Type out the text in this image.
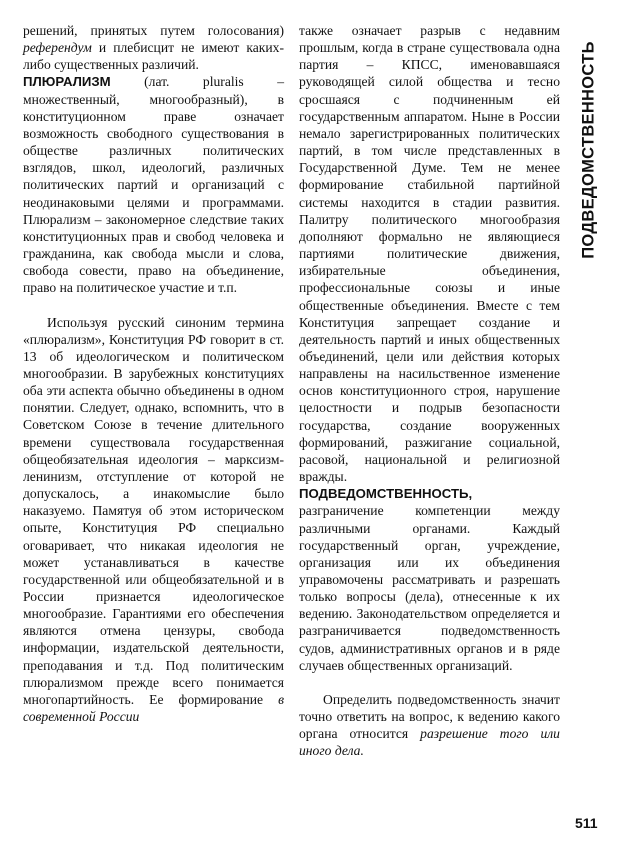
решений, принятых путем голосования) референдум и плебисцит не имеют каких-либо существенных различий.

ПЛЮРАЛИЗМ (лат. pluralis – множественный, многообразный), в конституционном праве означает возможность свободного существования в обществе различных политических взглядов, школ, идеологий, различных политических партий и организаций с неодинаковыми целями и программами. Плюрализм – закономерное следствие таких конституционных прав и свобод человека и гражданина, как свобода мысли и слова, свобода совести, право на объединение, право на политическое участие и т.п.

Используя русский синоним термина «плюрализм», Конституция РФ говорит в ст. 13 об идеологическом и политическом многообразии. В зарубежных конституциях оба эти аспекта обычно объединены в одном понятии. Следует, однако, вспомнить, что в Советском Союзе в течение длительного времени существовала государственная общеобязательная идеология – марксизм-ленинизм, отступление от которой не допускалось, а инакомыслие было наказуемо. Памятуя об этом историческом опыте, Конституция РФ специально оговаривает, что никакая идеология не может устанавливаться в качестве государственной или общеобязательной и в России признается идеологическое многообразие. Гарантиями его обеспечения являются отмена цензуры, свобода информации, издательской деятельности, преподавания и т.д. Под политическим плюрализмом прежде всего понимается многопартийность. Ее формирование в современной России

также означает разрыв с недавним прошлым, когда в стране существовала одна партия – КПСС, именовавшаяся руководящей силой общества и тесно сросшаяся с подчиненным ей государственным аппаратом. Ныне в России немало зарегистрированных политических партий, в том числе представленных в Государственной Думе. Тем не менее формирование стабильной партийной системы находится в стадии развития. Палитру политического многообразия дополняют формально не являющиеся партиями политические движения, избирательные объединения, профессиональные союзы и иные общественные объединения. Вместе с тем Конституция запрещает создание и деятельность партий и иных общественных объединений, цели или действия которых направлены на насильственное изменение основ конституционного строя, нарушение целостности и подрыв безопасности государства, создание вооруженных формирований, разжигание социальной, расовой, национальной и религиозной вражды.

ПОДВЕДОМСТВЕННОСТЬ, разграничение компетенции между различными органами. Каждый государственный орган, учреждение, организация или их объединения управомочены рассматривать и разрешать только вопросы (дела), отнесенные к их ведению. Законодательством определяется и разграничивается подведомственность судов, административных органов и в ряде случаев общественных организаций.

Определить подведомственность значит точно ответить на вопрос, к ведению какого органа относится разрешение того или иного дела.

ПОДВЕДОМСТВЕННОСТЬ
511
